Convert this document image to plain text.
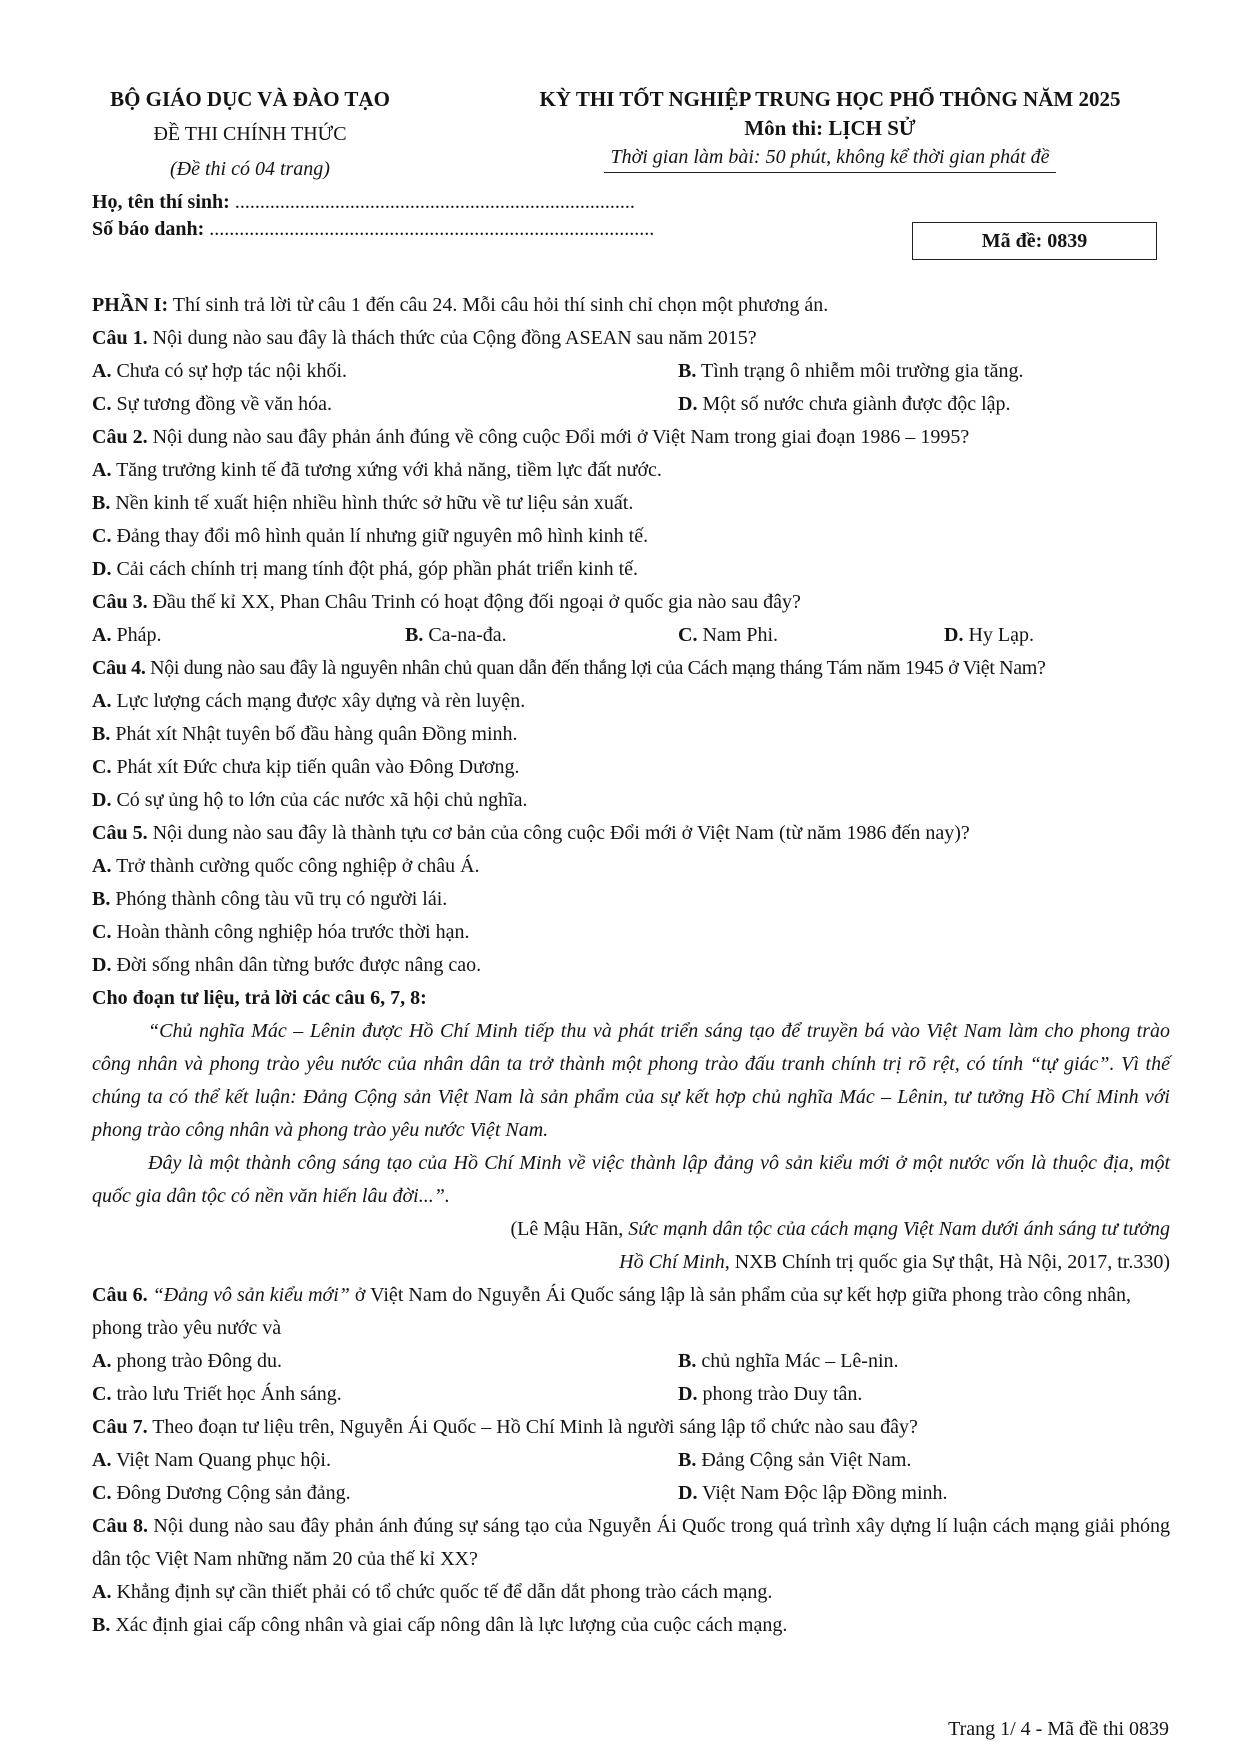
BỘ GIÁO DỤC VÀ ĐÀO TẠO
ĐỀ THI CHÍNH THỨC
(Đề thi có 04 trang)
KỲ THI TỐT NGHIỆP TRUNG HỌC PHỔ THÔNG NĂM 2025
Môn thi: LỊCH SỬ
Thời gian làm bài: 50 phút, không kể thời gian phát đề
Họ, tên thí sinh: ................................................................................
Số báo danh: .........................................................................................
Mã đề: 0839
PHẦN I: Thí sinh trả lời từ câu 1 đến câu 24. Mỗi câu hỏi thí sinh chỉ chọn một phương án.
Câu 1. Nội dung nào sau đây là thách thức của Cộng đồng ASEAN sau năm 2015?
A. Chưa có sự hợp tác nội khối.	B. Tình trạng ô nhiễm môi trường gia tăng.
C. Sự tương đồng về văn hóa.	D. Một số nước chưa giành được độc lập.
Câu 2. Nội dung nào sau đây phản ánh đúng về công cuộc Đổi mới ở Việt Nam trong giai đoạn 1986 – 1995?
A. Tăng trưởng kinh tế đã tương xứng với khả năng, tiềm lực đất nước.
B. Nền kinh tế xuất hiện nhiều hình thức sở hữu về tư liệu sản xuất.
C. Đảng thay đổi mô hình quản lí nhưng giữ nguyên mô hình kinh tế.
D. Cải cách chính trị mang tính đột phá, góp phần phát triển kinh tế.
Câu 3. Đầu thế kỉ XX, Phan Châu Trinh có hoạt động đối ngoại ở quốc gia nào sau đây?
A. Pháp.	B. Ca-na-đa.	C. Nam Phi.	D. Hy Lạp.
Câu 4. Nội dung nào sau đây là nguyên nhân chủ quan dẫn đến thắng lợi của Cách mạng tháng Tám năm 1945 ở Việt Nam?
A. Lực lượng cách mạng được xây dựng và rèn luyện.
B. Phát xít Nhật tuyên bố đầu hàng quân Đồng minh.
C. Phát xít Đức chưa kịp tiến quân vào Đông Dương.
D. Có sự ủng hộ to lớn của các nước xã hội chủ nghĩa.
Câu 5. Nội dung nào sau đây là thành tựu cơ bản của công cuộc Đổi mới ở Việt Nam (từ năm 1986 đến nay)?
A. Trở thành cường quốc công nghiệp ở châu Á.
B. Phóng thành công tàu vũ trụ có người lái.
C. Hoàn thành công nghiệp hóa trước thời hạn.
D. Đời sống nhân dân từng bước được nâng cao.
Cho đoạn tư liệu, trả lời các câu 6, 7, 8:
“Chủ nghĩa Mác – Lênin được Hồ Chí Minh tiếp thu và phát triển sáng tạo để truyền bá vào Việt Nam làm cho phong trào công nhân và phong trào yêu nước của nhân dân ta trở thành một phong trào đấu tranh chính trị rõ rệt, có tính “tự giác”. Vì thế chúng ta có thể kết luận: Đảng Cộng sản Việt Nam là sản phẩm của sự kết hợp chủ nghĩa Mác – Lênin, tư tưởng Hồ Chí Minh với phong trào công nhân và phong trào yêu nước Việt Nam.
Đây là một thành công sáng tạo của Hồ Chí Minh về việc thành lập đảng vô sản kiểu mới ở một nước vốn là thuộc địa, một quốc gia dân tộc có nền văn hiến lâu đời...”.
(Lê Mậu Hãn, Sức mạnh dân tộc của cách mạng Việt Nam dưới ánh sáng tư tưởng
Hồ Chí Minh, NXB Chính trị quốc gia Sự thật, Hà Nội, 2017, tr.330)
Câu 6. “Đảng vô sản kiểu mới” ở Việt Nam do Nguyễn Ái Quốc sáng lập là sản phẩm của sự kết hợp giữa phong trào công nhân, phong trào yêu nước và
A. phong trào Đông du.	B. chủ nghĩa Mác – Lê-nin.
C. trào lưu Triết học Ánh sáng.	D. phong trào Duy tân.
Câu 7. Theo đoạn tư liệu trên, Nguyễn Ái Quốc – Hồ Chí Minh là người sáng lập tổ chức nào sau đây?
A. Việt Nam Quang phục hội.	B. Đảng Cộng sản Việt Nam.
C. Đông Dương Cộng sản đảng.	D. Việt Nam Độc lập Đồng minh.
Câu 8. Nội dung nào sau đây phản ánh đúng sự sáng tạo của Nguyễn Ái Quốc trong quá trình xây dựng lí luận cách mạng giải phóng dân tộc Việt Nam những năm 20 của thế kỉ XX?
A. Khẳng định sự cần thiết phải có tổ chức quốc tế để dẫn dắt phong trào cách mạng.
B. Xác định giai cấp công nhân và giai cấp nông dân là lực lượng của cuộc cách mạng.
Trang 1/ 4 - Mã đề thi 0839
